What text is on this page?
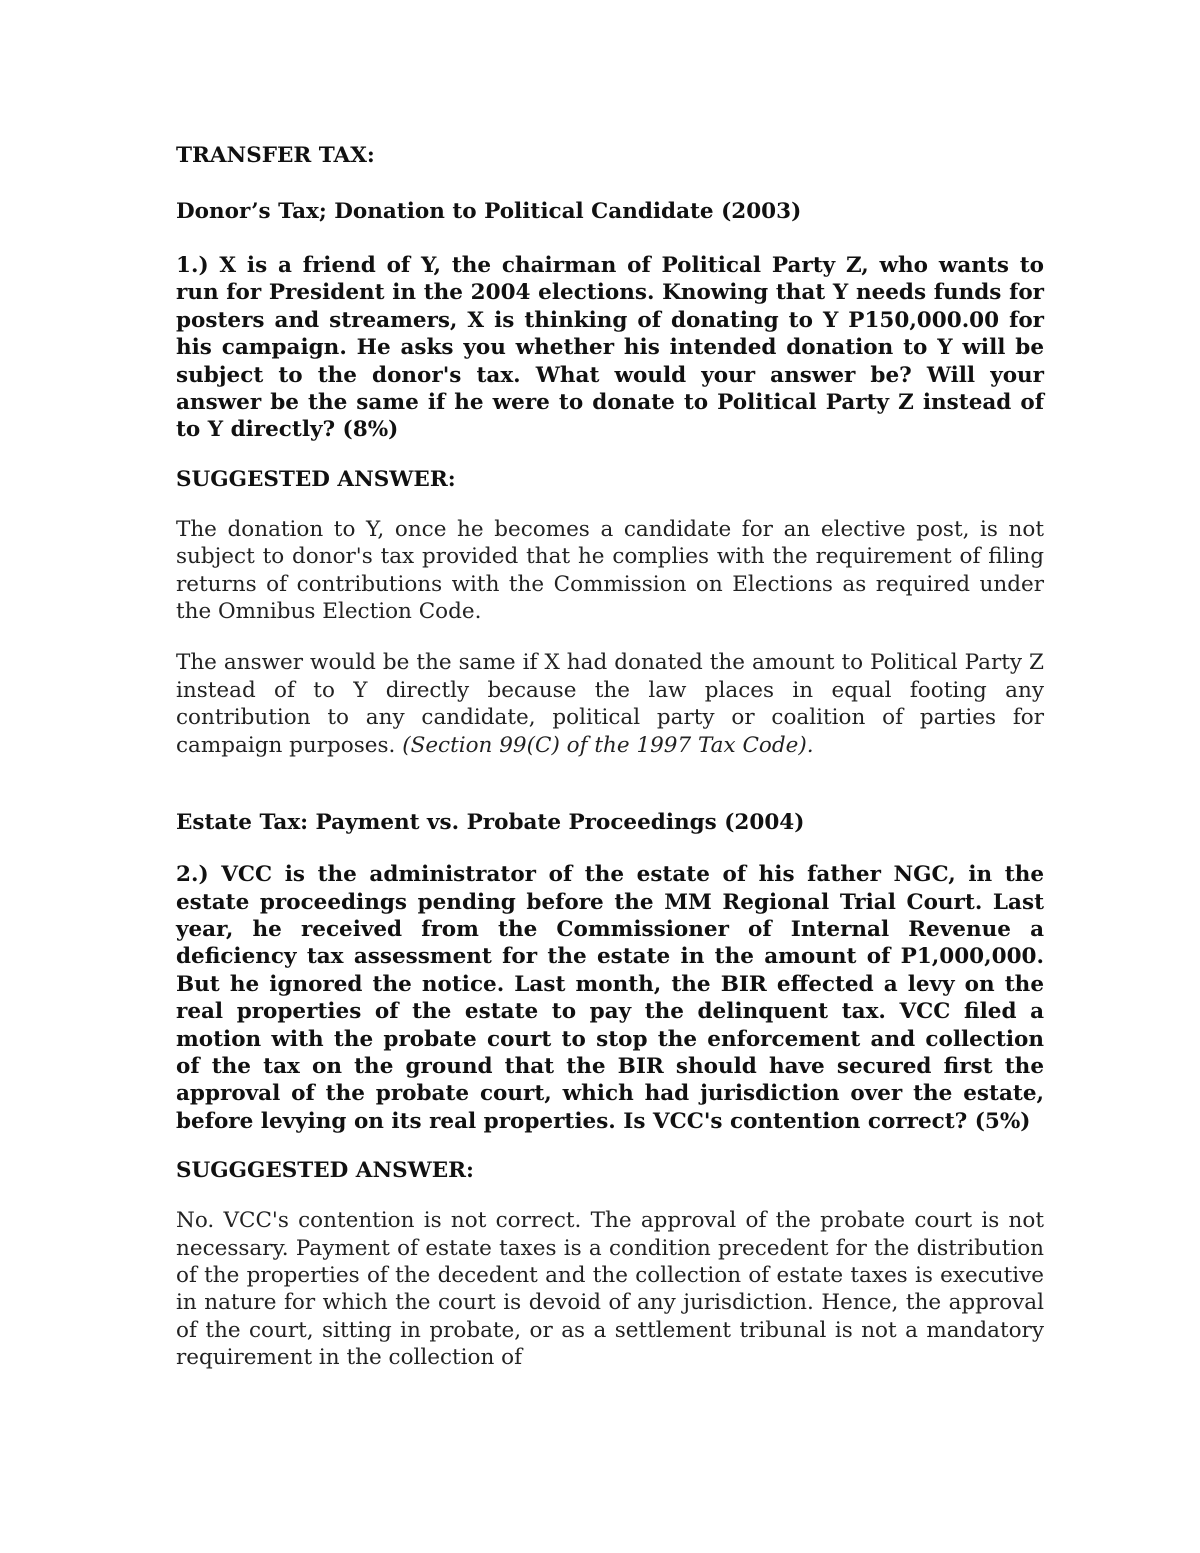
TRANSFER TAX:

Donor’s Tax; Donation to Political Candidate (2003)

1.) X is a friend of Y, the chairman of Political Party Z, who wants to run for President in the 2004 elections. Knowing that Y needs funds for posters and streamers, X is thinking of donating to Y P150,000.00 for his campaign. He asks you whether his intended donation to Y will be subject to the donor's tax. What would your answer be? Will your answer be the same if he were to donate to Political Party Z instead of to Y directly? (8%)

SUGGESTED ANSWER:

The donation to Y, once he becomes a candidate for an elective post, is not subject to donor's tax provided that he complies with the requirement of filing returns of contributions with the Commission on Elections as required under the Omnibus Election Code.

The answer would be the same if X had donated the amount to Political Party Z instead of to Y directly because the law places in equal footing any contribution to any candidate, political party or coalition of parties for campaign purposes. (Section 99(C) of the 1997 Tax Code).

Estate Tax: Payment vs. Probate Proceedings (2004)

2.) VCC is the administrator of the estate of his father NGC, in the estate proceedings pending before the MM Regional Trial Court. Last year, he received from the Commissioner of Internal Revenue a deficiency tax assessment for the estate in the amount of P1,000,000. But he ignored the notice. Last month, the BIR effected a levy on the real properties of the estate to pay the delinquent tax. VCC filed a motion with the probate court to stop the enforcement and collection of the tax on the ground that the BIR should have secured first the approval of the probate court, which had jurisdiction over the estate, before levying on its real properties. Is VCC's contention correct? (5%)

SUGGGESTED ANSWER:

No. VCC's contention is not correct. The approval of the probate court is not necessary. Payment of estate taxes is a condition precedent for the distribution of the properties of the decedent and the collection of estate taxes is executive in nature for which the court is devoid of any jurisdiction. Hence, the approval of the court, sitting in probate, or as a settlement tribunal is not a mandatory requirement in the collection of
